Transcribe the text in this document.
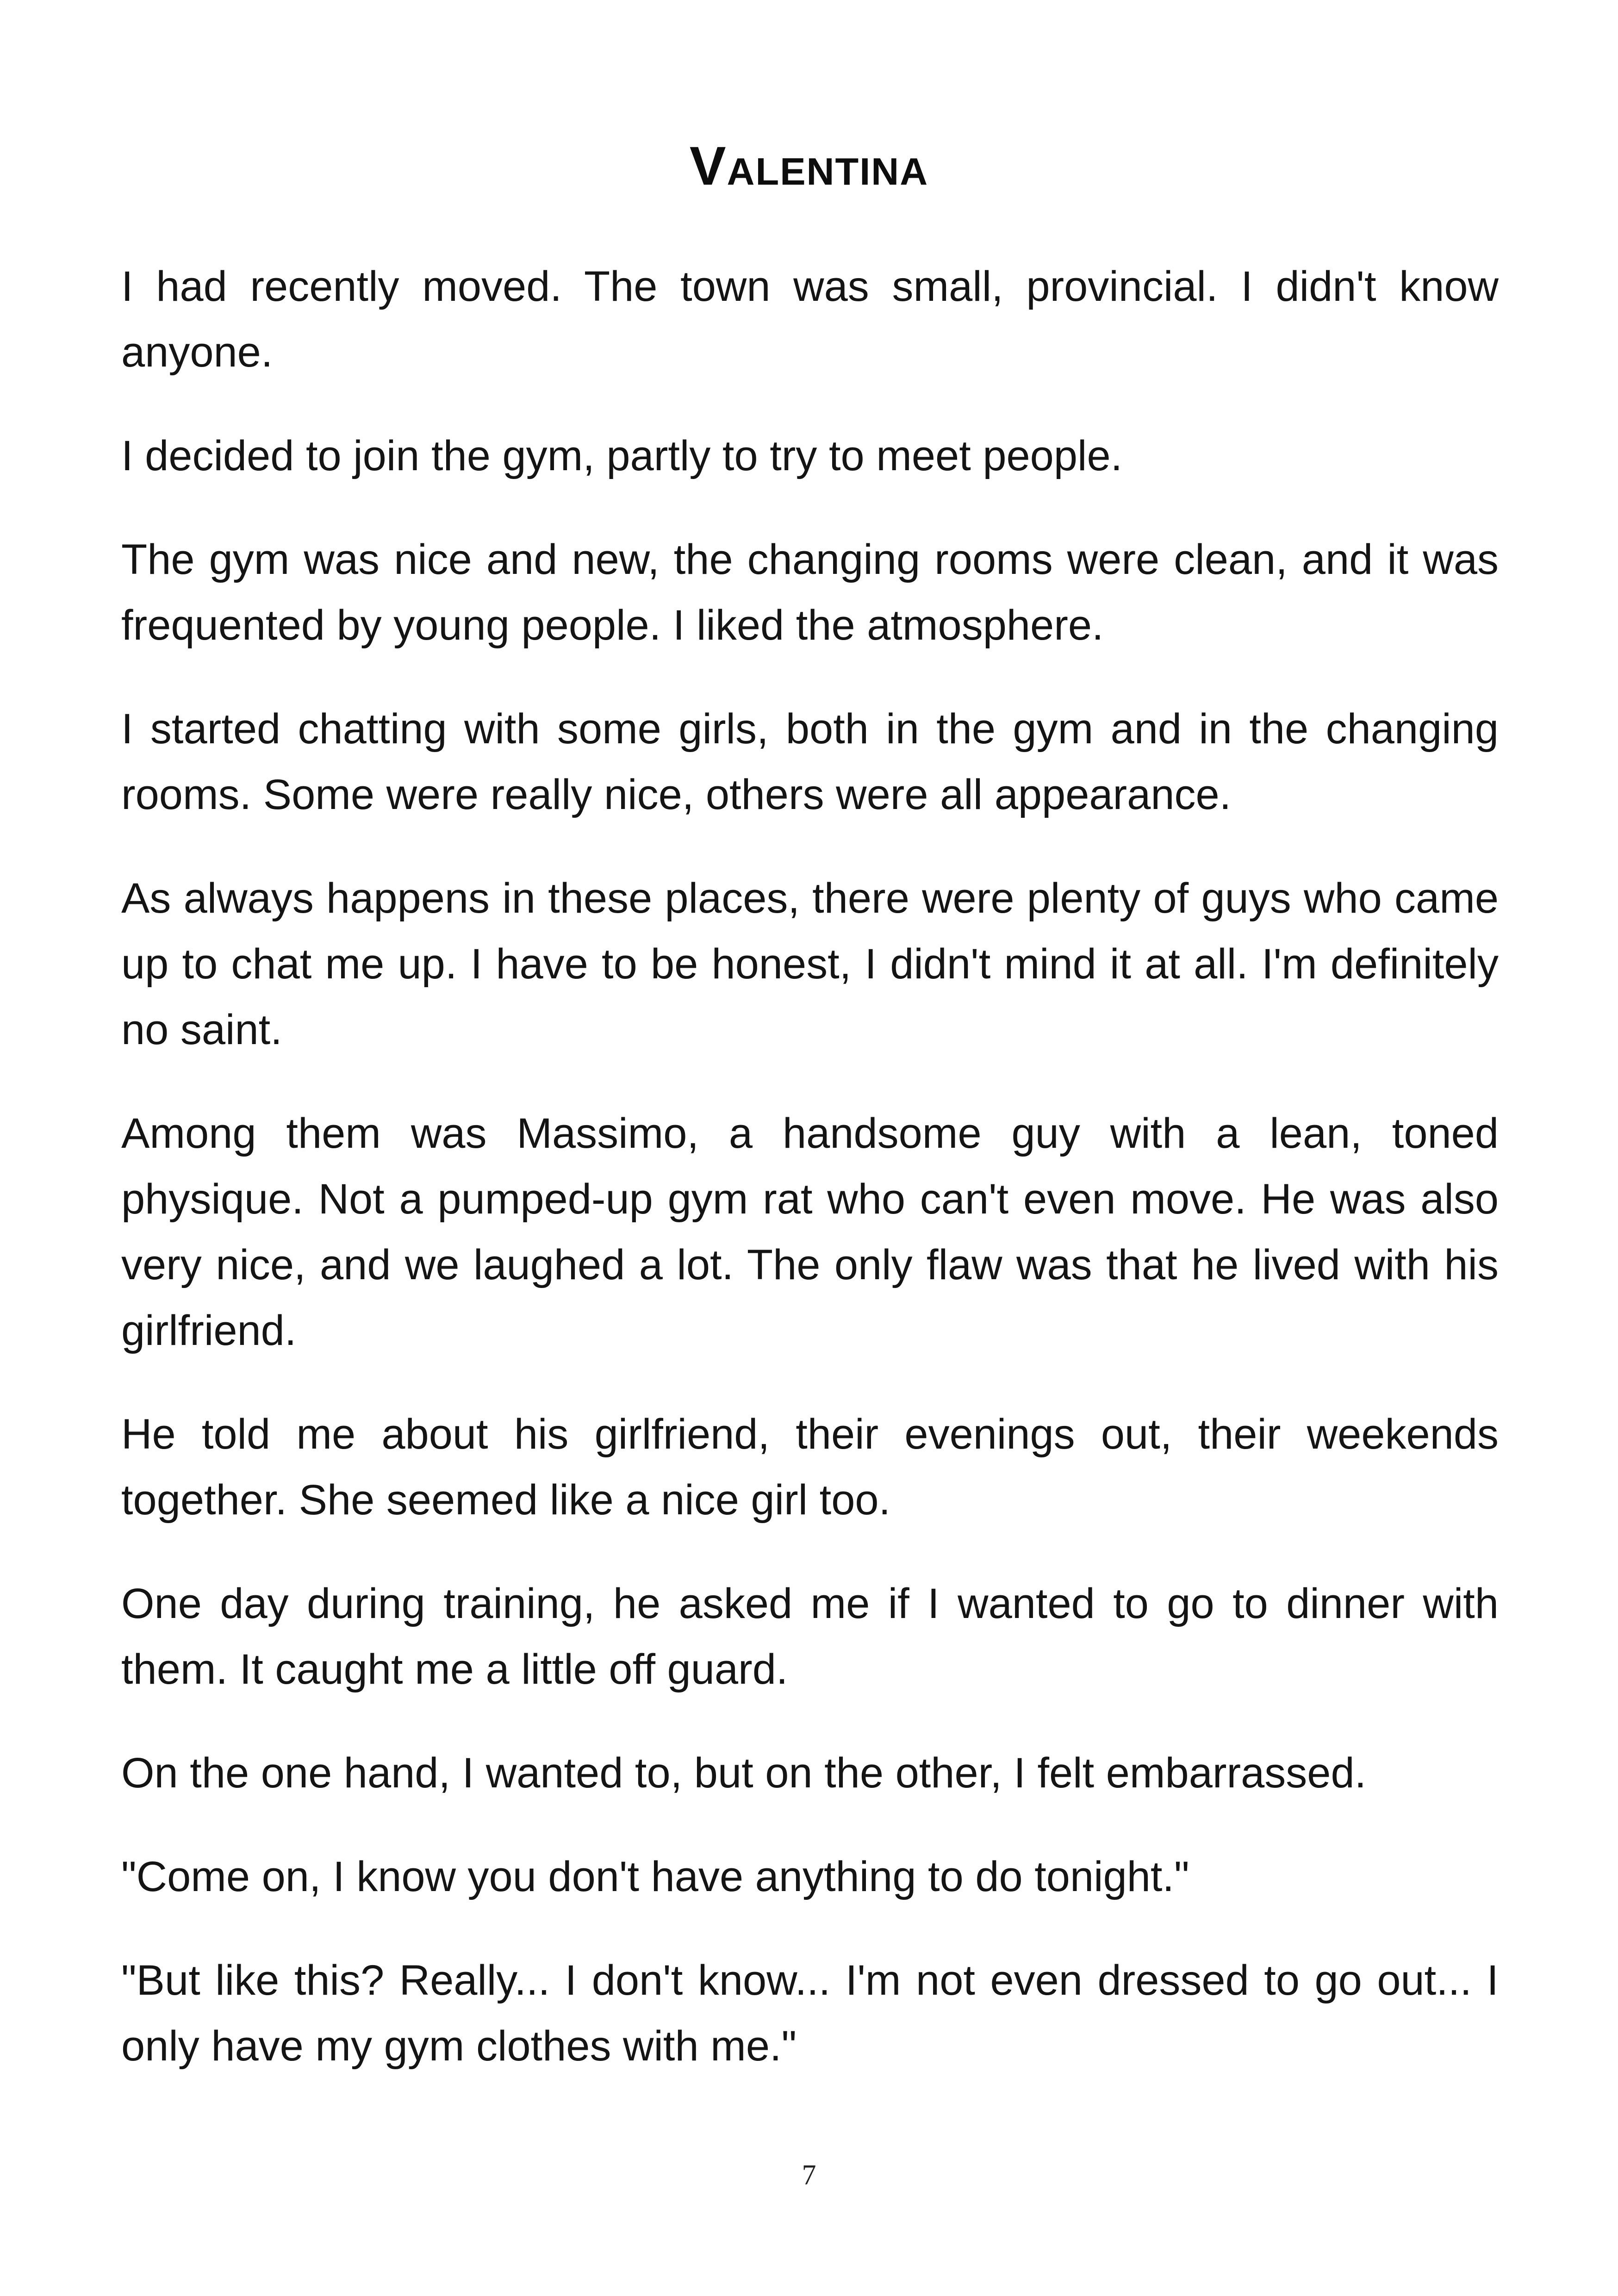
Valentina

I had recently moved. The town was small, provincial. I didn't know anyone.

I decided to join the gym, partly to try to meet people.

The gym was nice and new, the changing rooms were clean, and it was frequented by young people. I liked the atmosphere.

I started chatting with some girls, both in the gym and in the changing rooms. Some were really nice, others were all appearance.

As always happens in these places, there were plenty of guys who came up to chat me up. I have to be honest, I didn't mind it at all. I'm definitely no saint.

Among them was Massimo, a handsome guy with a lean, toned physique. Not a pumped-up gym rat who can't even move. He was also very nice, and we laughed a lot. The only flaw was that he lived with his girlfriend.

He told me about his girlfriend, their evenings out, their weekends together. She seemed like a nice girl too.

One day during training, he asked me if I wanted to go to dinner with them. It caught me a little off guard.

On the one hand, I wanted to, but on the other, I felt embarrassed.

"Come on, I know you don't have anything to do tonight."

"But like this? Really... I don't know... I'm not even dressed to go out... I only have my gym clothes with me."

7
